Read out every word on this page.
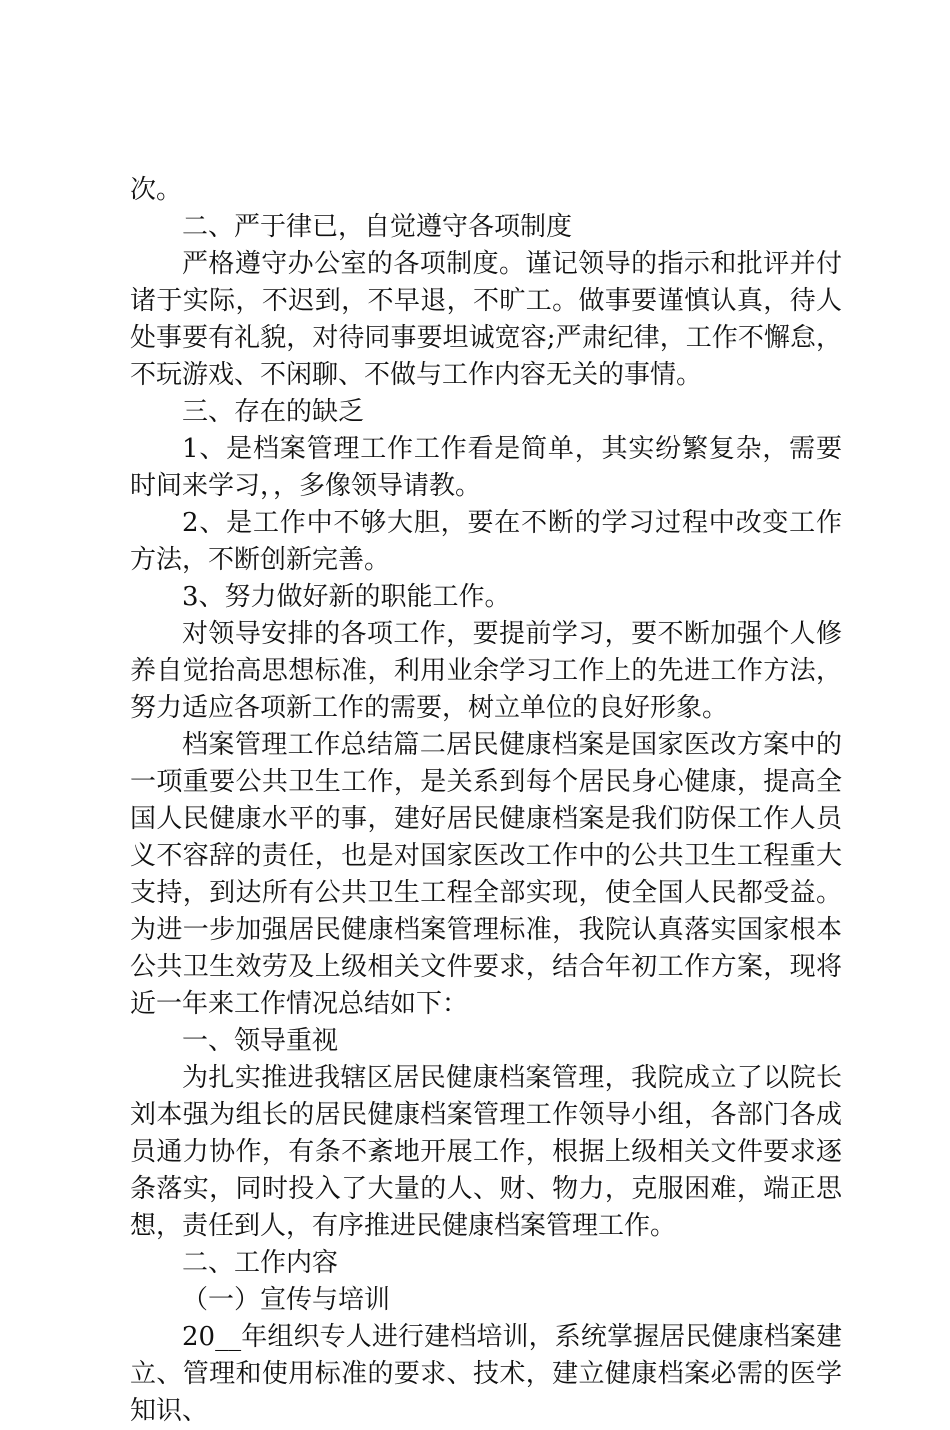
次。

二、严于律已，自觉遵守各项制度

严格遵守办公室的各项制度。谨记领导的指示和批评并付诸于实际，不迟到，不早退，不旷工。做事要谨慎认真，待人处事要有礼貌，对待同事要坦诚宽容;严肃纪律，工作不懈怠，不玩游戏、不闲聊、不做与工作内容无关的事情。

三、存在的缺乏

1、是档案管理工作工作看是简单，其实纷繁复杂，需要时间来学习，，多像领导请教。

2、是工作中不够大胆，要在不断的学习过程中改变工作方法，不断创新完善。

3、努力做好新的职能工作。

对领导安排的各项工作，要提前学习，要不断加强个人修养自觉抬高思想标准，利用业余学习工作上的先进工作方法，努力适应各项新工作的需要，树立单位的良好形象。

档案管理工作总结篇二居民健康档案是国家医改方案中的一项重要公共卫生工作，是关系到每个居民身心健康，提高全国人民健康水平的事，建好居民健康档案是我们防保工作人员义不容辞的责任，也是对国家医改工作中的公共卫生工程重大支持，到达所有公共卫生工程全部实现，使全国人民都受益。为进一步加强居民健康档案管理标准，我院认真落实国家根本公共卫生效劳及上级相关文件要求，结合年初工作方案，现将近一年来工作情况总结如下：

一、领导重视

为扎实推进我辖区居民健康档案管理，我院成立了以院长刘本强为组长的居民健康档案管理工作领导小组，各部门各成员通力协作，有条不紊地开展工作，根据上级相关文件要求逐条落实，同时投入了大量的人、财、物力，克服困难，端正思想，责任到人，有序推进民健康档案管理工作。

二、工作内容

（一）宣传与培训

20__年组织专人进行建档培训，系统掌握居民健康档案建立、管理和使用标准的要求、技术，建立健康档案必需的医学知识、
